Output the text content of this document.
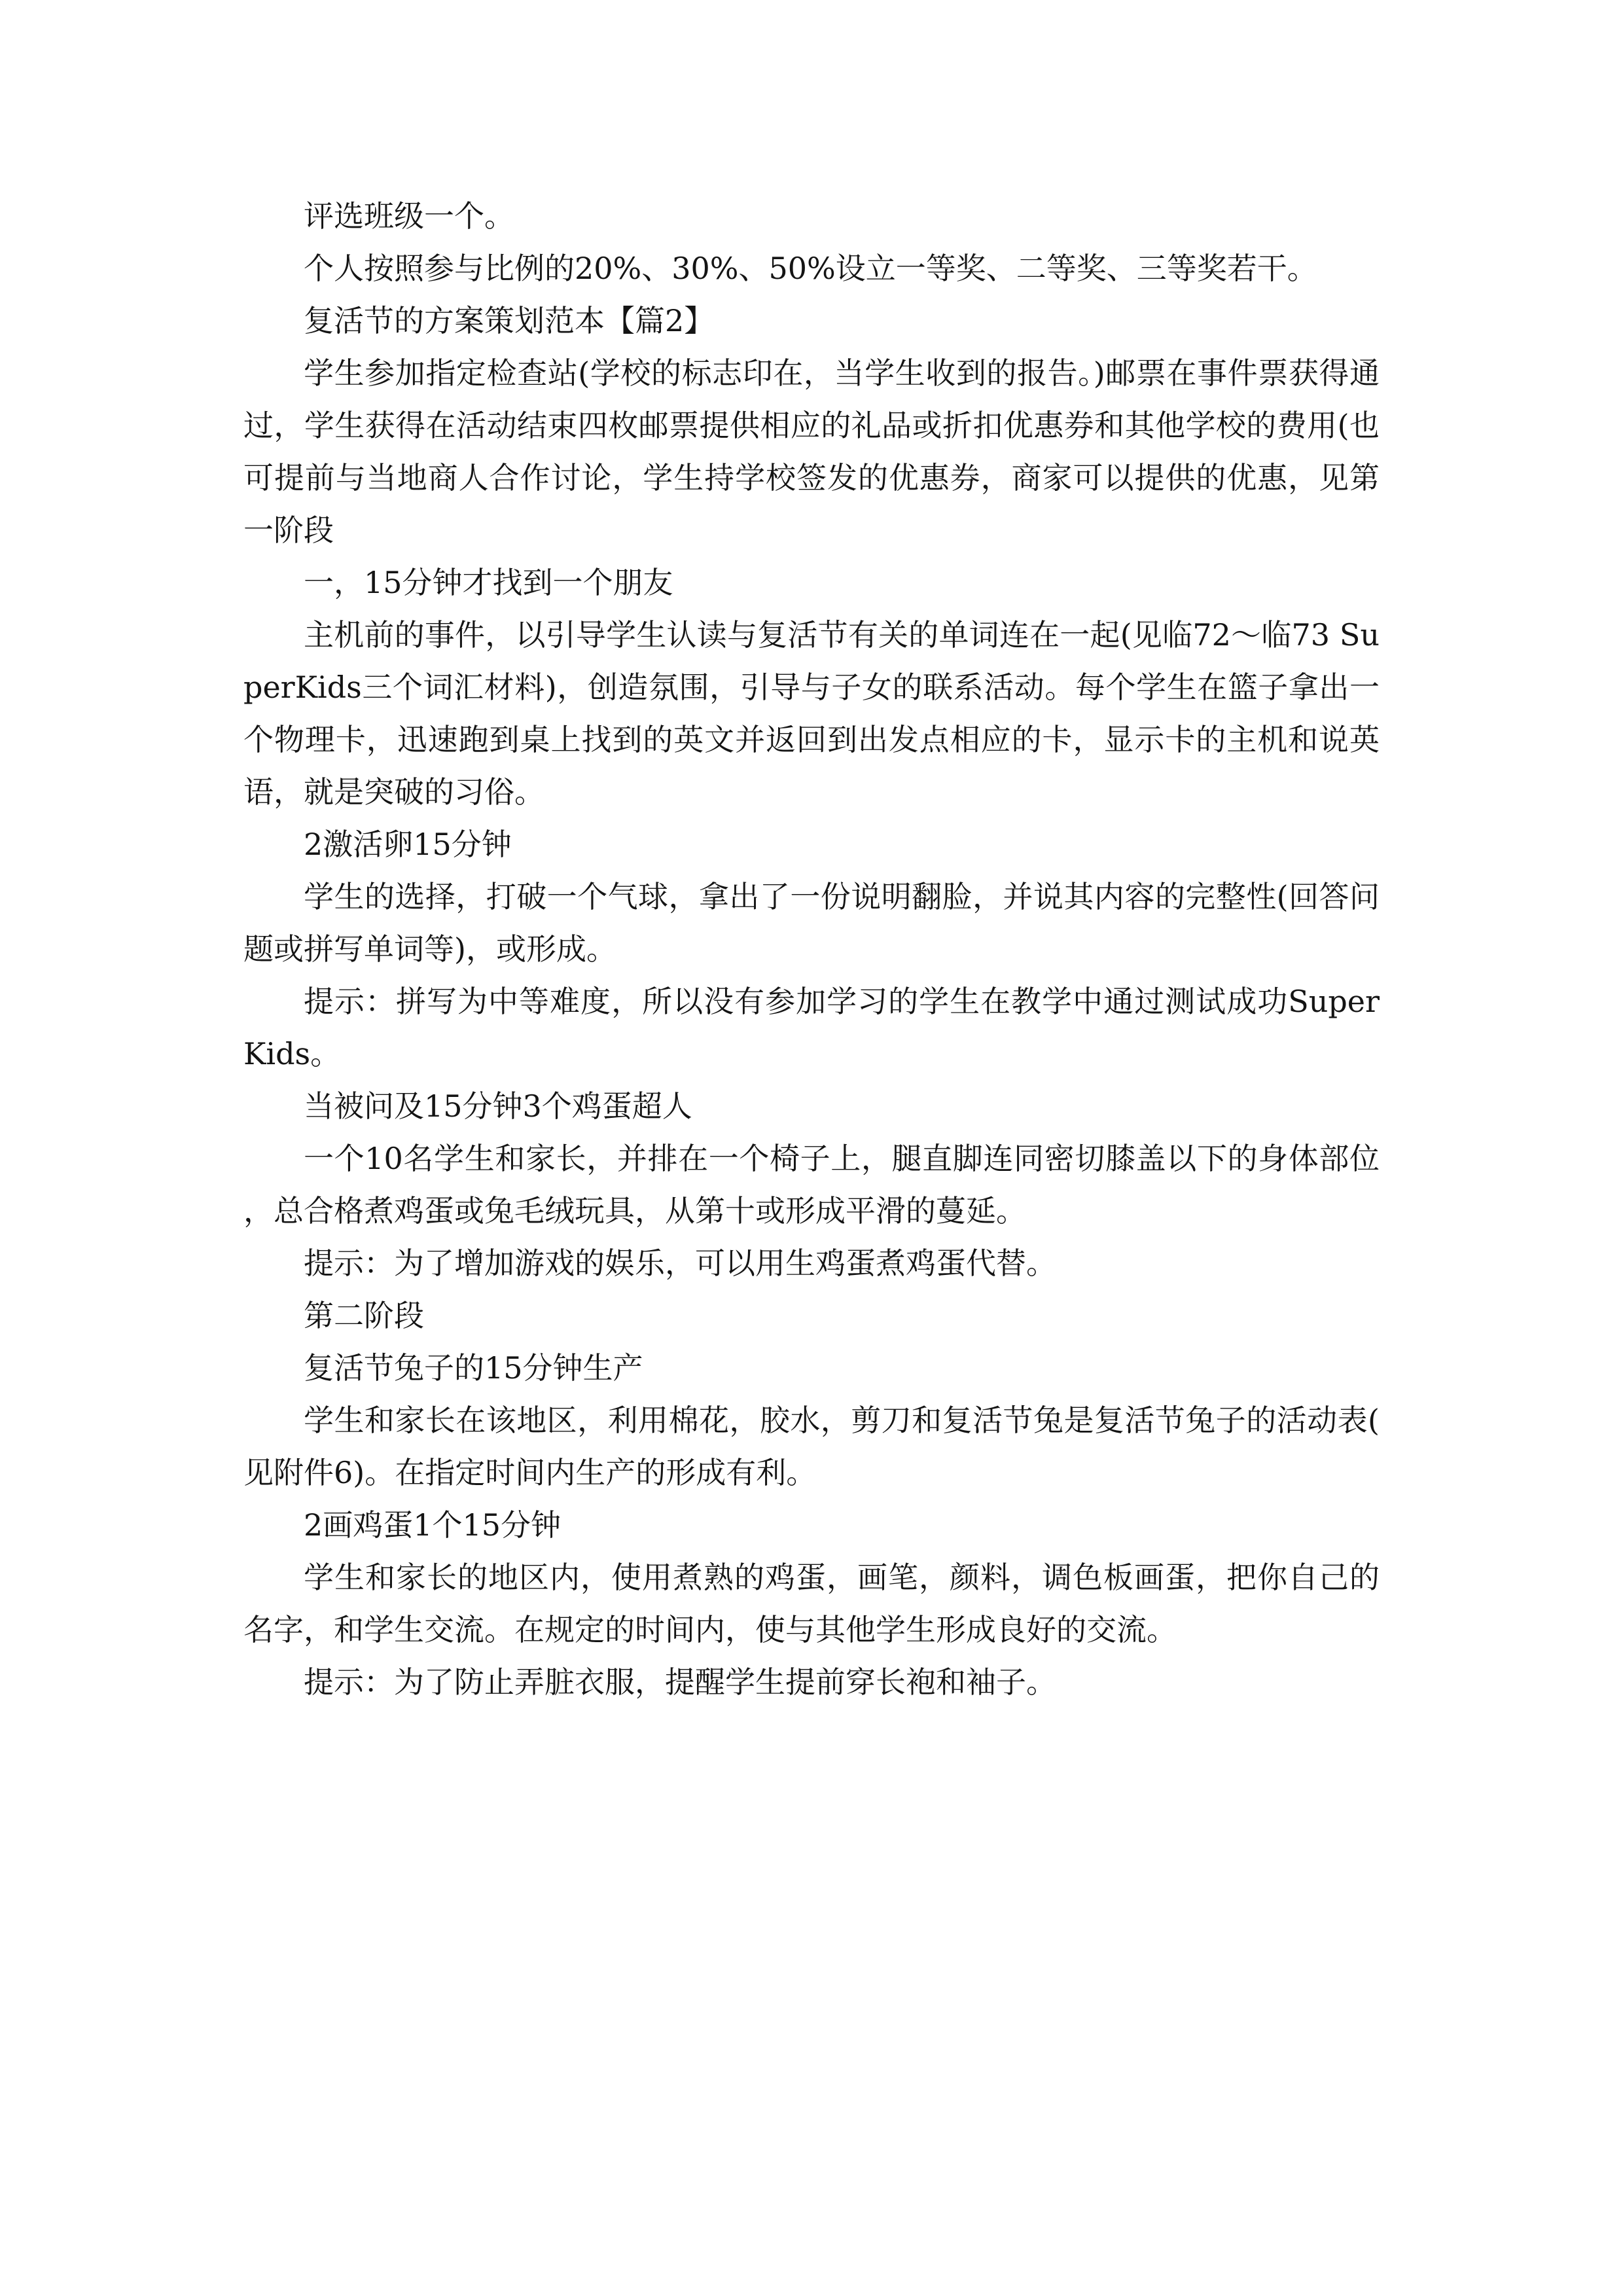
评选班级一个。

个人按照参与比例的20%、30%、50%设立一等奖、二等奖、三等奖若干。

复活节的方案策划范本【篇2】

学生参加指定检查站(学校的标志印在，当学生收到的报告。)邮票在事件票获得通过，学生获得在活动结束四枚邮票提供相应的礼品或折扣优惠券和其他学校的费用(也可提前与当地商人合作讨论，学生持学校签发的优惠券，商家可以提供的优惠，见第一阶段

一，15分钟才找到一个朋友

主机前的事件，以引导学生认读与复活节有关的单词连在一起(见临72～临73 SuperKids三个词汇材料)，创造氛围，引导与子女的联系活动。每个学生在篮子拿出一个物理卡，迅速跑到桌上找到的英文并返回到出发点相应的卡，显示卡的主机和说英语，就是突破的习俗。

2激活卵15分钟

学生的选择，打破一个气球，拿出了一份说明翻脸，并说其内容的完整性(回答问题或拼写单词等)，或形成。

提示：拼写为中等难度，所以没有参加学习的学生在教学中通过测试成功SuperKids。

当被问及15分钟3个鸡蛋超人

一个10名学生和家长，并排在一个椅子上，腿直脚连同密切膝盖以下的身体部位，总合格煮鸡蛋或兔毛绒玩具，从第十或形成平滑的蔓延。

提示：为了增加游戏的娱乐，可以用生鸡蛋煮鸡蛋代替。

第二阶段

复活节兔子的15分钟生产

学生和家长在该地区，利用棉花，胶水，剪刀和复活节兔是复活节兔子的活动表(见附件6)。在指定时间内生产的形成有利。

2画鸡蛋1个15分钟

学生和家长的地区内，使用煮熟的鸡蛋，画笔，颜料，调色板画蛋，把你自己的名字，和学生交流。在规定的时间内，使与其他学生形成良好的交流。

提示：为了防止弄脏衣服，提醒学生提前穿长袍和袖子。
